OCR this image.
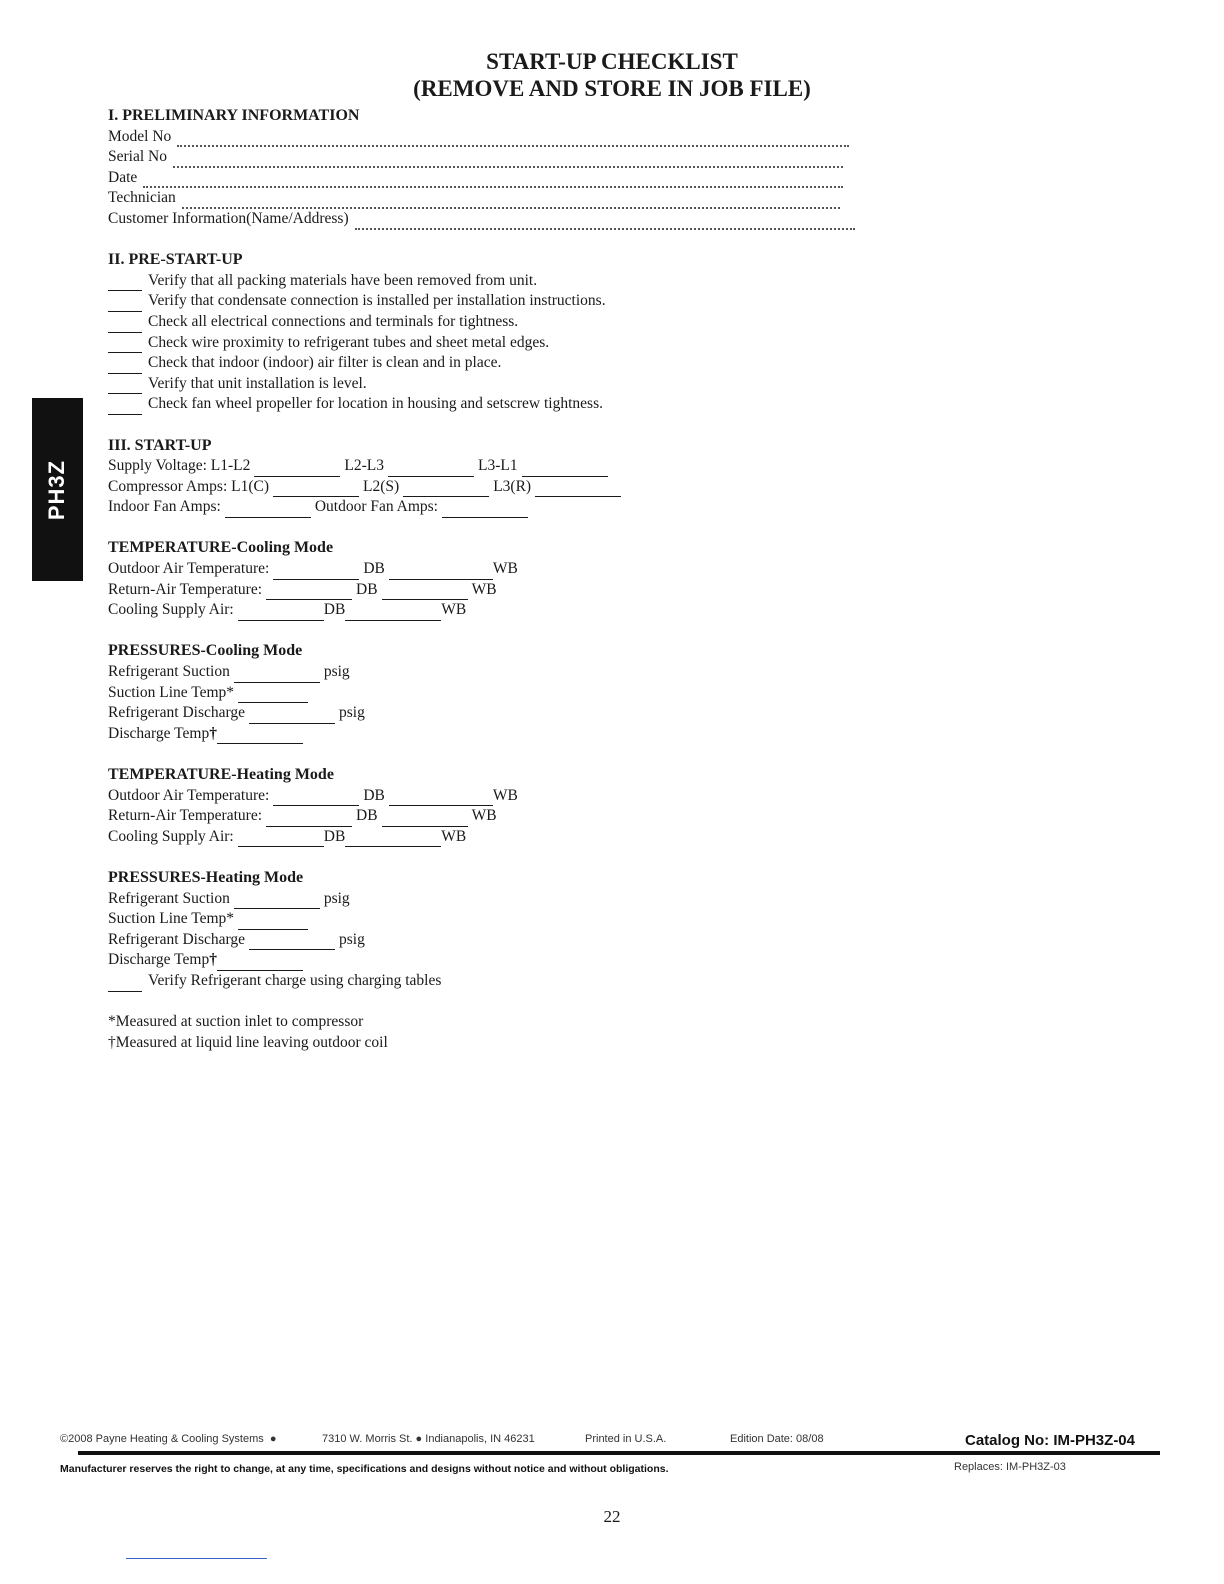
START-UP CHECKLIST
(REMOVE AND STORE IN JOB FILE)
PH3Z
I. PRELIMINARY INFORMATION
Model No
Serial No
Date
Technician
Customer Information(Name/Address)
II. PRE-START-UP
Verify that all packing materials have been removed from unit.
Verify that condensate connection is installed per installation instructions.
Check all electrical connections and terminals for tightness.
Check wire proximity to refrigerant tubes and sheet metal edges.
Check that indoor (indoor) air filter is clean and in place.
Verify that unit installation is level.
Check fan wheel propeller for location in housing and setscrew tightness.
III. START-UP
Supply Voltage: L1-L2	L2-L3	L3-L1
Compressor Amps: L1(C)	L2(S)	L3(R)
Indoor Fan Amps:	Outdoor Fan Amps:
TEMPERATURE-Cooling Mode
Outdoor Air Temperature:	DB	WB
Return-Air Temperature:	DB	WB
Cooling Supply Air:	DB	WB
PRESSURES-Cooling Mode
Refrigerant Suction	psig
Suction Line Temp*
Refrigerant Discharge	psig
Discharge Temp †
TEMPERATURE-Heating Mode
Outdoor Air Temperature:	DB	WB
Return-Air Temperature:	DB	WB
Cooling Supply Air:	DB	WB
PRESSURES-Heating Mode
Refrigerant Suction	psig
Suction Line Temp*
Refrigerant Discharge	psig
Discharge Temp †
Verify Refrigerant charge using charging tables
*Measured at suction inlet to compressor
†Measured at liquid line leaving outdoor coil
©2008 Payne Heating & Cooling Systems ●	7310 W. Morris St. ● Indianapolis, IN 46231	Printed in U.S.A.	Edition Date: 08/08	Catalog No: IM-PH3Z-04
Manufacturer reserves the right to change, at any time, specifications and designs without notice and without obligations.	Replaces: IM-PH3Z-03
22
